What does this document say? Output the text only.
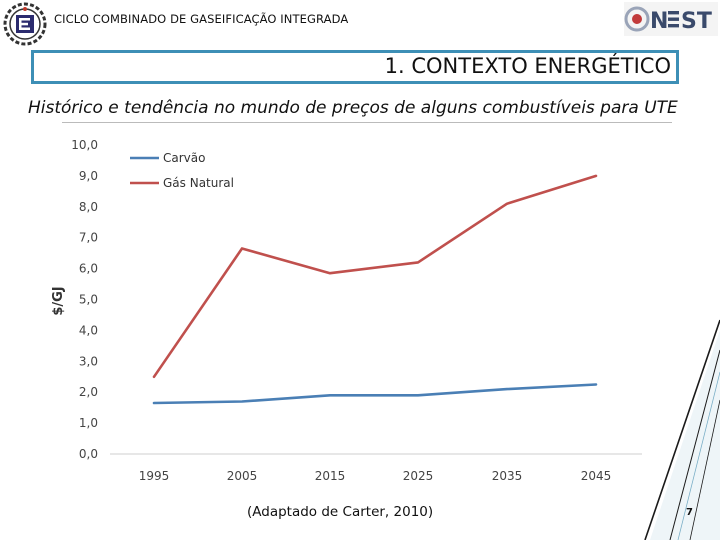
CICLO COMBINADO DE GASEIFICAÇÃO INTEGRADA	N ST
1. CONTEXTO ENERGÉTICO
Histórico e tendência no mundo de preços de alguns combustíveis para UTE
$/GJ
0,0
1,0
2,0
3,0
4,0
5,0
6,0
7,0
8,0
9,0
10,0
1995	2005	2015	2025	2035	2045
Carvão
Gás Natural
(Adaptado de Carter, 2010)	7
